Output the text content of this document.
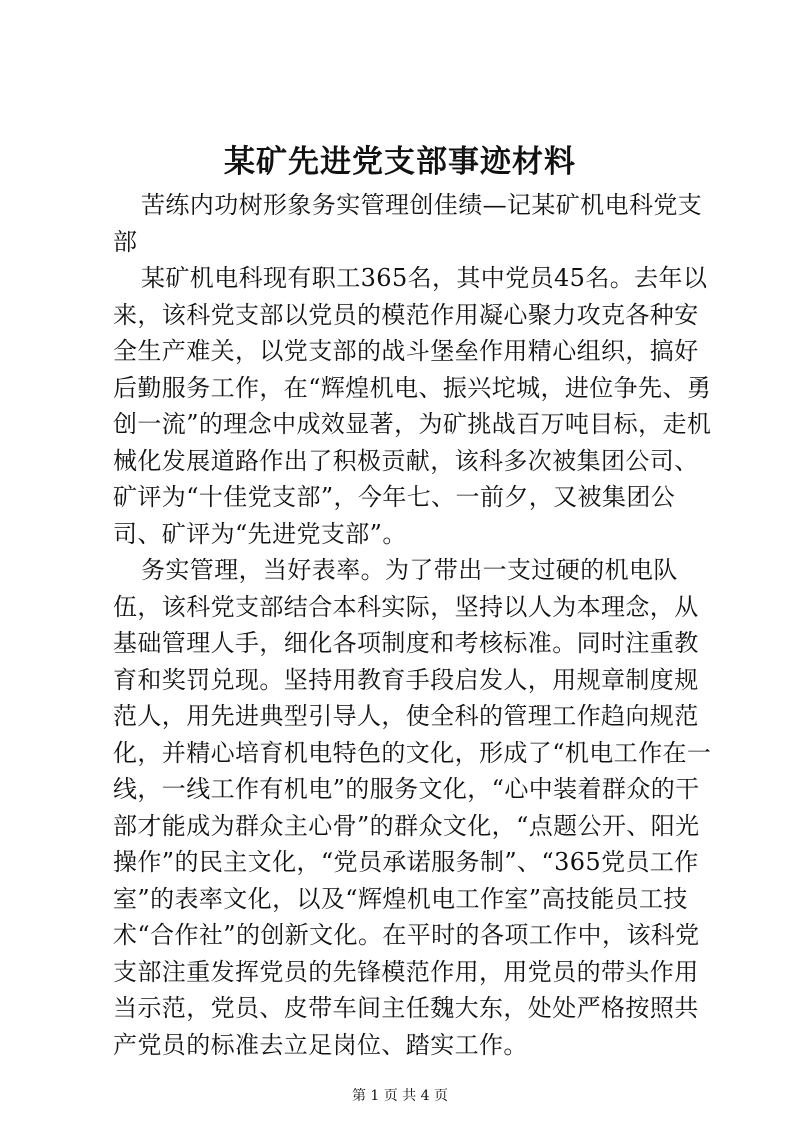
某矿先进党支部事迹材料

苦练内功树形象务实管理创佳绩—记某矿机电科党支部

某矿机电科现有职工365名，其中党员45名。去年以来，该科党支部以党员的模范作用凝心聚力攻克各种安全生产难关，以党支部的战斗堡垒作用精心组织，搞好后勤服务工作，在“辉煌机电、振兴坨城，进位争先、勇创一流”的理念中成效显著，为矿挑战百万吨目标，走机械化发展道路作出了积极贡献，该科多次被集团公司、矿评为“十佳党支部”，今年七、一前夕，又被集团公司、矿评为“先进党支部”。

务实管理，当好表率。为了带出一支过硬的机电队伍，该科党支部结合本科实际，坚持以人为本理念，从基础管理人手，细化各项制度和考核标准。同时注重教育和奖罚兑现。坚持用教育手段启发人，用规章制度规范人，用先进典型引导人，使全科的管理工作趋向规范化，并精心培育机电特色的文化，形成了“机电工作在一线，一线工作有机电”的服务文化，“心中装着群众的干部才能成为群众主心骨”的群众文化，“点题公开、阳光操作”的民主文化，“党员承诺服务制”、“365党员工作室”的表率文化，以及“辉煌机电工作室”高技能员工技术“合作社”的创新文化。在平时的各项工作中，该科党支部注重发挥党员的先锋模范作用，用党员的带头作用当示范，党员、皮带车间主任魏大东，处处严格按照共产党员的标准去立足岗位、踏实工作。

第 1 页 共 4 页
